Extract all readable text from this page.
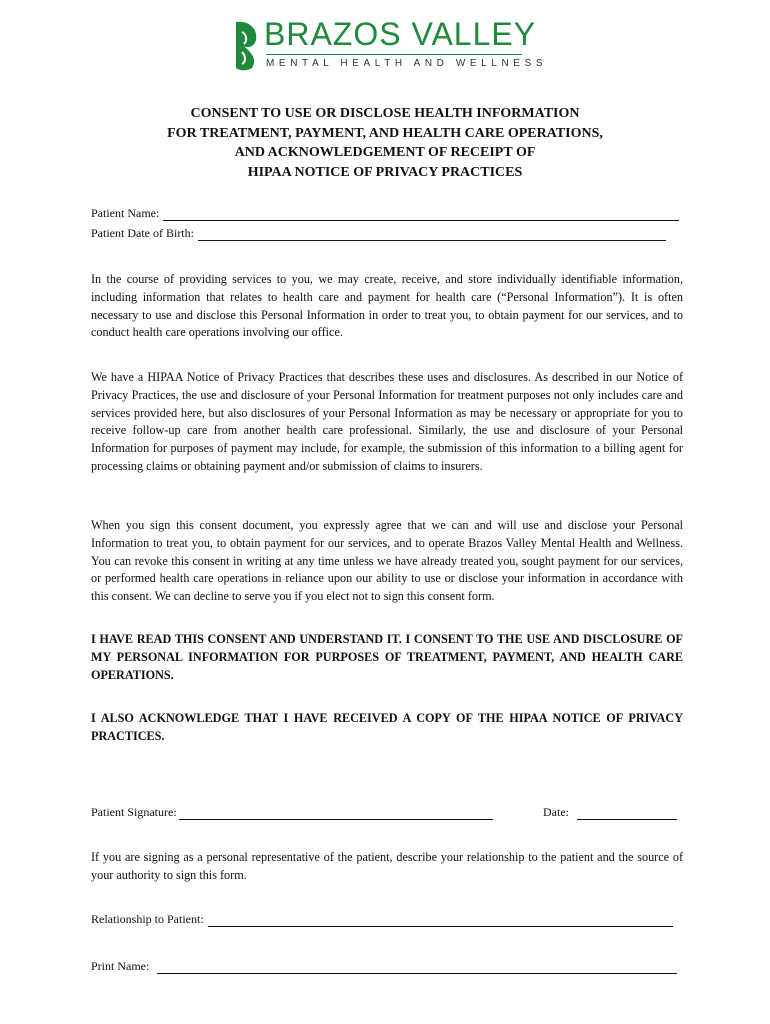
BRAZOS VALLEY
MENTAL HEALTH AND WELLNESS
CONSENT TO USE OR DISCLOSE HEALTH INFORMATION
FOR TREATMENT, PAYMENT, AND HEALTH CARE OPERATIONS,
AND ACKNOWLEDGEMENT OF RECEIPT OF
HIPAA NOTICE OF PRIVACY PRACTICES
Patient Name:
Patient Date of Birth:
In the course of providing services to you, we may create, receive, and store individually identifiable information, including information that relates to health care and payment for health care (“Personal Information”). It is often necessary to use and disclose this Personal Information in order to treat you, to obtain payment for our services, and to conduct health care operations involving our office.
We have a HIPAA Notice of Privacy Practices that describes these uses and disclosures. As described in our Notice of Privacy Practices, the use and disclosure of your Personal Information for treatment purposes not only includes care and services provided here, but also disclosures of your Personal Information as may be necessary or appropriate for you to receive follow-up care from another health care professional. Similarly, the use and disclosure of your Personal Information for purposes of payment may include, for example, the submission of this information to a billing agent for processing claims or obtaining payment and/or submission of claims to insurers.
When you sign this consent document, you expressly agree that we can and will use and disclose your Personal Information to treat you, to obtain payment for our services, and to operate Brazos Valley Mental Health and Wellness. You can revoke this consent in writing at any time unless we have already treated you, sought payment for our services, or performed health care operations in reliance upon our ability to use or disclose your information in accordance with this consent. We can decline to serve you if you elect not to sign this consent form.
I HAVE READ THIS CONSENT AND UNDERSTAND IT. I CONSENT TO THE USE AND DISCLOSURE OF MY PERSONAL INFORMATION FOR PURPOSES OF TREATMENT, PAYMENT, AND HEALTH CARE OPERATIONS.
I ALSO ACKNOWLEDGE THAT I HAVE RECEIVED A COPY OF THE HIPAA NOTICE OF PRIVACY PRACTICES.
Patient Signature:	Date:
If you are signing as a personal representative of the patient, describe your relationship to the patient and the source of your authority to sign this form.
Relationship to Patient:
Print Name:
